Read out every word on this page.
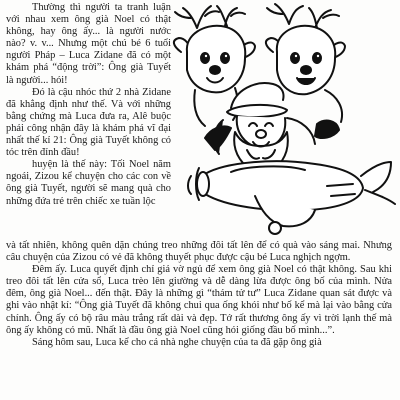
Thường thì người ta tranh luận với nhau xem ông già Noel có thật không, hay ông ấy... là người nước nào? v. v... Nhưng một chú bé 6 tuổi người Pháp – Luca Zidane đã có một khám phá “động trời”: Ông già Tuyết là người... hói!

Đó là cậu nhóc thứ 2 nhà Zidane đã khẳng định như thế. Và với những bằng chứng mà Luca đưa ra, Alê buộc phải công nhận đây là khám phá vĩ đại nhất thế kỉ 21: Ông già Tuyết không có tóc trên đỉnh đầu!

huyện là thế này: Tối Noel năm ngoái, Zizou kể chuyện cho các con về ông già Tuyết, người sẽ mang quà cho những đứa trẻ trên chiếc xe tuần lộc

và tất nhiên, không quên dặn chúng treo những đôi tất lên để có quà vào sáng mai. Nhưng câu chuyện của Zizou có vẻ đã không thuyết phục được cậu bé Luca nghịch ngợm.

Đêm ấy. Luca quyết định chỉ giả vờ ngủ để xem ông già Noel có thật không. Sau khi treo đôi tất lên cửa sổ, Luca trèo lên giường và dễ dàng lừa được ông bố của mình. Nửa đêm, ông già Noel... đến thật. Đây là những gì “thám tử tư” Luca Zidane quan sát được và ghi vào nhật kí: “Ông già Tuyết đã không chui qua ống khói như bố kể mà lại vào bằng cửa chính. Ông ấy có bộ râu màu trắng rất dài và đẹp. Tớ rất thương ông ấy vì trời lạnh thế mà ông ấy không có mũ. Nhất là đầu ông già Noel cũng hói giống đầu bố mình...”.

Sáng hôm sau, Luca kể cho cả nhà nghe chuyện của ta đã gặp ông già
